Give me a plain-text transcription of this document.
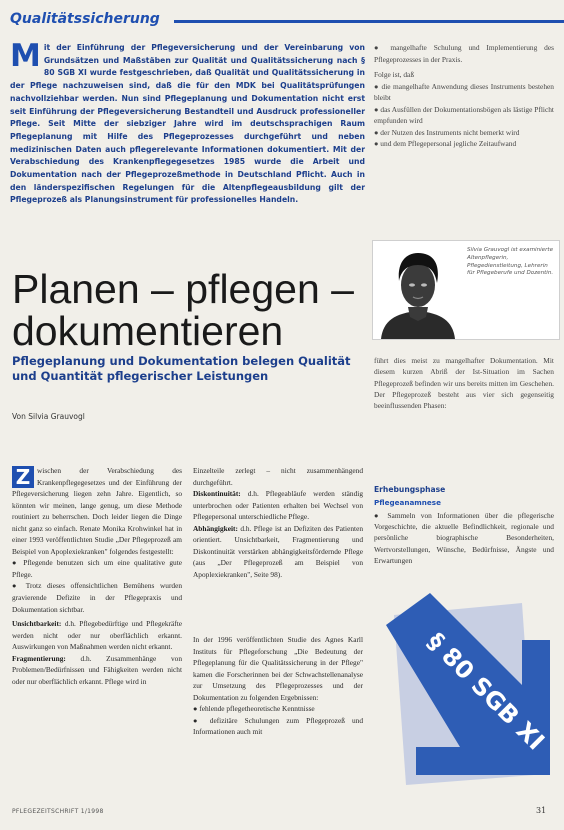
Qualitätssicherung
Mit der Einführung der Pflegeversicherung und der Vereinbarung von Grundsätzen und Maßstäben zur Qualität und Qualitätssicherung nach § 80 SGB XI wurde festgeschrieben, daß Qualität und Qualitätssicherung in der Pflege nachzuweisen sind, daß die für den MDK bei Qualitätsprüfungen nachvollziehbar werden. Nun sind Pflegeplanung und Dokumentation nicht erst seit Einführung der Pflegeversicherung Bestandteil und Ausdruck professioneller Pflege. Seit Mitte der siebziger Jahre wird im deutschsprachigen Raum Pflegeplanung mit Hilfe des Pflegeprozesses durchgeführt und neben medizinischen Daten auch pflegerelevante Informationen dokumentiert. Mit der Verabschiedung des Krankenpflegegesetzes 1985 wurde die Arbeit und Dokumentation nach der Pflegeprozeßmethode in Deutschland Pflicht. Auch in den länderspezifischen Regelungen für die Altenpflegeausbildung gilt der Pflegeprozeß als Planungsinstrument für professionelles Handeln.

● mangelhafte Schulung und Implementierung des Pflegeprozesses in der Praxis.

Folge ist, daß

● die mangelhafte Anwendung dieses Instruments bestehen bleibt

● das Ausfüllen der Dokumentationsbögen als lästige Pflicht empfunden wird

● der Nutzen des Instruments nicht bemerkt wird

● und dem Pflegepersonal jegliche Zeitaufwand

Silvia Grauvogl ist examinierte Altenpflegerin, Pflegedienstleitung, Lehrerin für Pflegeberufe und Dozentin.
Planen – pflegen – dokumentieren
Pflegeplanung und Dokumentation belegen Qualität und Quantität pflegerischer Leistungen
Von Silvia Grauvogl

führt dies meist zu mangelhafter Dokumentation. Mit diesem kurzen Abriß der Ist-Situation im Sachen Pflegeprozeß befinden wir uns bereits mitten im Geschehen. Der Pflegeprozeß besteht aus vier sich gegenseitig beeinflussenden Phasen:

Erhebungsphase
Pflegeanamnese
● Sammeln von Informationen über die pflegerische Vorgeschichte, die aktuelle Befindlichkeit, regionale und persönliche biographische Besonderheiten, Wertvorstellungen, Wünsche, Bedürfnisse, Ängste und Erwartungen

Z wischen der Verabschiedung des Krankenpflegegesetzes und der Einführung der Pflegeversicherung liegen zehn Jahre. Eigentlich, so könnten wir meinen, lange genug, um diese Methode routiniert zu beherrschen. Doch leider liegen die Dinge nicht ganz so einfach. Renate Monika Krohwinkel hat in einer 1993 veröffentlichten Studie „Der Pflegeprozeß am Beispiel von Apoplexiekranken" folgendes festgestellt:

● Pflegende benutzen sich um eine qualitative gute Pflege.

● Trotz dieses offensichtlichen Bemühens wurden gravierende Defizite in der Pflegepraxis und Dokumentation sichtbar.

Unsichtbarkeit: d.h. Pflegebedürftige und Pflegekräfte werden nicht oder nur oberflächlich erkannt. Auswirkungen von Maßnahmen werden nicht erkannt.

Fragmentierung: d.h. Zusammenhänge von Problemen/Bedürfnissen und Fähigkeiten werden nicht oder nur oberflächlich erkannt. Pflege wird in

Einzelteile zerlegt – nicht zusammenhängend durchgeführt.

Diskontinuität: d.h. Pflegeabläufe werden ständig unterbrochen oder Patienten erhalten bei Wechsel von Pflegepersonal unterschiedliche Pflege.

Abhängigkeit: d.h. Pflege ist an Defiziten des Patienten orientiert. Unsichtbarkeit, Fragmentierung und Diskontinuität verstärken abhängigkeitsfördernde Pflege (aus „Der Pflegeprozeß am Beispiel von Apoplexiekranken", Seite 98).

In der 1996 veröffentlichten Studie des Agnes Karll Instituts für Pflegeforschung „Die Bedeutung der Pflegeplanung für die Qualitätssicherung in der Pflege" kamen die Forscherinnen bei der Schwachstellenanalyse zur Umsetzung des Pflegeprozesses und der Dokumentation zu folgenden Ergebnissen:

● fehlende pflegetheoretische Kenntnisse

● defizitäre Schulungen zum Pflegeprozeß und Informationen auch mit	§ 80 SGB XI
PFLEGEZEITSCHRIFT 1/1998	31
